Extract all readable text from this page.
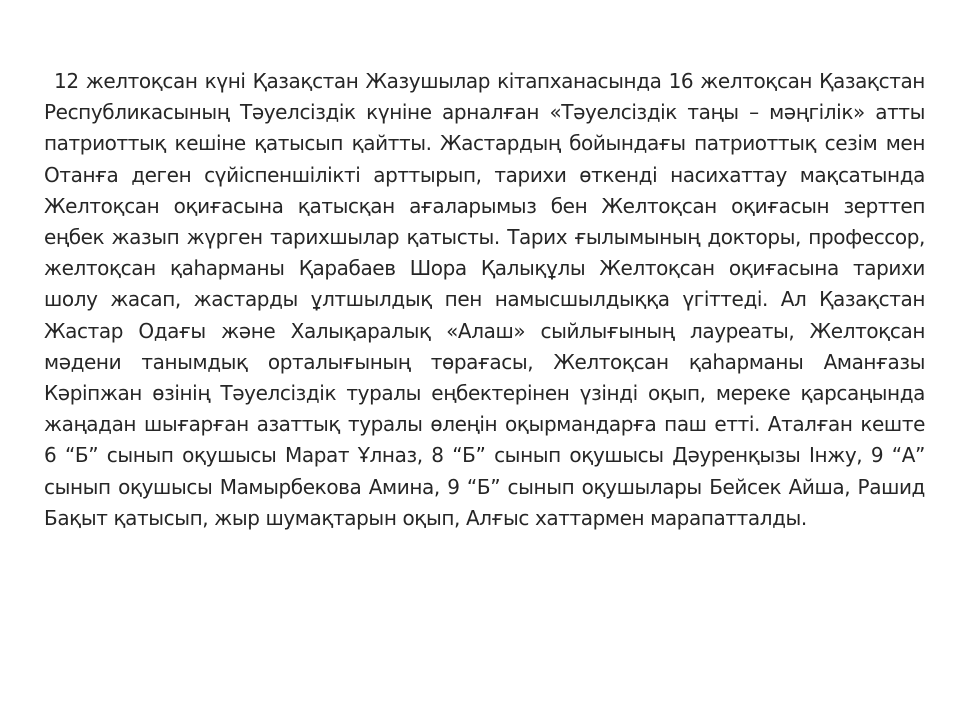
12 желтоқсан күні Қазақстан Жазушылар кітапханасында 16 желтоқсан Қазақстан Республикасының Тәуелсіздік күніне арналған «Тәуелсіздік таңы – мәңгілік» атты патриоттық кешіне қатысып қайтты. Жастардың бойындағы патриоттық сезім мен Отанға деген сүйіспеншілікті арттырып, тарихи өткенді насихаттау мақсатында Желтоқсан оқиғасына қатысқан ағаларымыз бен Желтоқсан оқиғасын зерттеп еңбек жазып жүрген тарихшылар қатысты. Тарих ғылымының докторы, профессор, желтоқсан қаһарманы Қарабаев Шора Қалықұлы Желтоқсан оқиғасына тарихи шолу жасап, жастарды ұлтшылдық пен намысшылдыққа үгіттеді. Ал Қазақстан Жастар Одағы және Халықаралық «Алаш» сыйлығының лауреаты, Желтоқсан мәдени танымдық орталығының төрағасы, Желтоқсан қаһарманы Аманғазы Кәріпжан өзінің Тәуелсіздік туралы еңбектерінен үзінді оқып, мереке қарсаңында жаңадан шығарған азаттық туралы өлеңін оқырмандарға паш етті. Аталған кеште 6 “Б” сынып оқушысы Марат Ұлназ, 8 “Б” сынып оқушысы Дәуренқызы Інжу, 9 “А” сынып оқушысы Мамырбекова Амина, 9 “Б” сынып оқушылары Бейсек Айша, Рашид Бақыт қатысып, жыр шумақтарын оқып, Алғыс хаттармен марапатталды.
